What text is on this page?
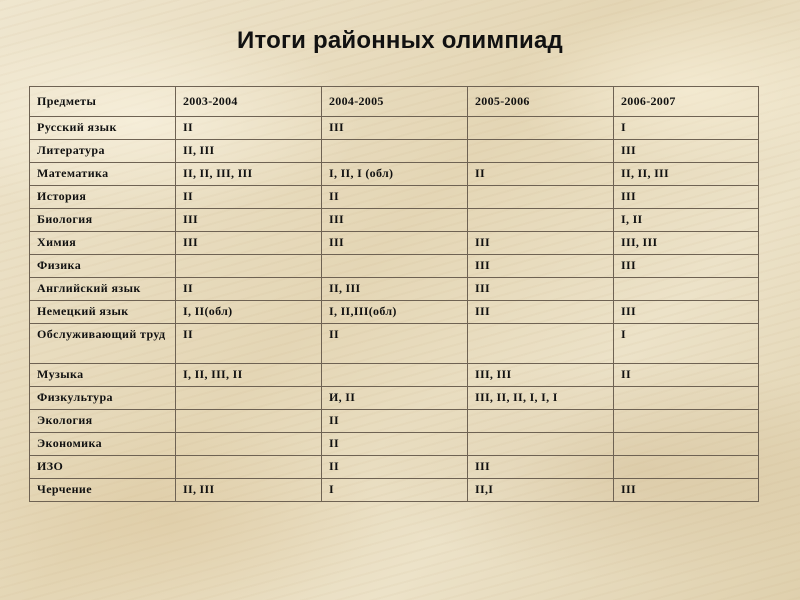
Итоги районных олимпиад
Предметы	2003-2004	2004-2005	2005-2006	2006-2007
Русский язык	II	III		I
Литература	II, III			III
Математика	II, II, III, III	I, II, I (обл)	II	II, II, III
История	II	II		III
Биология	III	III		I, II
Химия	III	III	III	III, III
Физика			III	III
Английский язык	II	II, III	III	
Немецкий язык	I, II(обл)	I, II,III(обл)	III	III
Обслуживающий труд	II	II		I
Музыка	I, II, III, II		III, III	II
Физкультура		И, II	III, II, II, I, I, I	
Экология		II		
Экономика		II		
ИЗО		II	III	
Черчение	II, III	I	II,I	III
